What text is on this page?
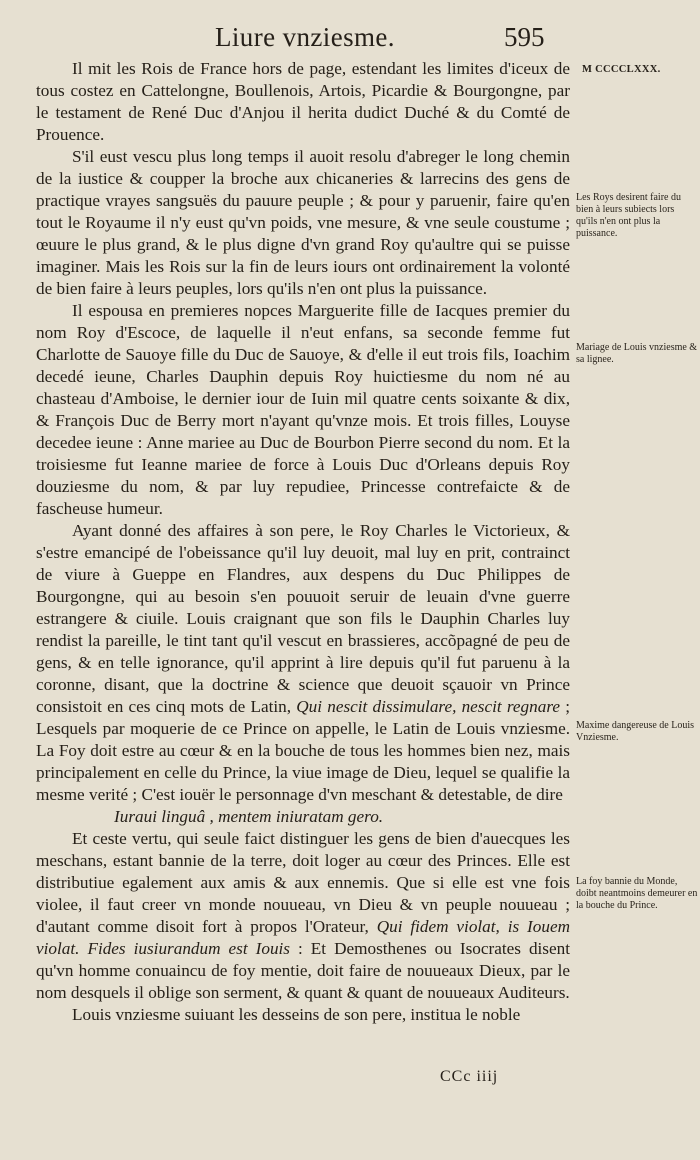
Liure vnziesme.	595
M CCCCLXXX.

Il mit les Rois de France hors de page, estendant les limites d'iceux de tous costez en Cattelongne, Boullenois, Artois, Picardie & Bourgongne, par le testament de René Duc d'Anjou il herita dudict Duché & du Comté de Prouence.

S'il eust vescu plus long temps il auoit resolu d'abreger le long chemin de la iustice & coupper la broche aux chicaneries & larrecins des gens de practique vrayes sangsuës du pauure peuple ; & pour y paruenir, faire qu'en tout le Royaume il n'y eust qu'vn poids, vne mesure, & vne seule coustume ; œuure le plus grand, & le plus digne d'vn grand Roy qu'aultre qui se puisse imaginer. Mais les Rois sur la fin de leurs iours ont ordinairement la volonté de bien faire à leurs peuples, lors qu'ils n'en ont plus la puissance.

Il espousa en premieres nopces Marguerite fille de Iacques premier du nom Roy d'Escoce, de laquelle il n'eut enfans, sa seconde femme fut Charlotte de Sauoye fille du Duc de Sauoye, & d'elle il eut trois fils, Ioachim decedé ieune, Charles Dauphin depuis Roy huictiesme du nom né au chasteau d'Amboise, le dernier iour de Iuin mil quatre cents soixante & dix, & François Duc de Berry mort n'ayant qu'vnze mois. Et trois filles, Louyse decedee ieune : Anne mariee au Duc de Bourbon Pierre second du nom. Et la troisiesme fut Ieanne mariee de force à Louis Duc d'Orleans depuis Roy douziesme du nom, & par luy repudiee, Princesse contrefaicte & de fascheuse humeur.

Ayant donné des affaires à son pere, le Roy Charles le Victorieux, & s'estre emancipé de l'obeissance qu'il luy deuoit, mal luy en prit, contrainct de viure à Gueppe en Flandres, aux despens du Duc Philippes de Bourgongne, qui au besoin s'en pouuoit seruir de leuain d'vne guerre estrangere & ciuile. Louis craignant que son fils le Dauphin Charles luy rendist la pareille, le tint tant qu'il vescut en brassieres, accõpagné de peu de gens, & en telle ignorance, qu'il apprint à lire depuis qu'il fut paruenu à la coronne, disant, que la doctrine & science que deuoit sçauoir vn Prince consistoit en ces cinq mots de Latin, Qui nescit dissimulare, nescit regnare ; Lesquels par moquerie de ce Prince on appelle, le Latin de Louis vnziesme. La Foy doit estre au cœur & en la bouche de tous les hommes bien nez, mais principalement en celle du Prince, la viue image de Dieu, lequel se qualifie la mesme verité ; C'est iouër le personnage d'vn meschant & detestable, de dire

Iuraui linguâ , mentem iniuratam gero.

Et ceste vertu, qui seule faict distinguer les gens de bien d'auecques les meschans, estant bannie de la terre, doit loger au cœur des Princes. Elle est distributiue egalement aux amis & aux ennemis. Que si elle est vne fois violee, il faut creer vn monde nouueau, vn Dieu & vn peuple nouueau ; d'autant comme disoit fort à propos l'Orateur, Qui fidem violat, is Iouem violat. Fides iusiurandum est Iouis : Et Demosthenes ou Isocrates disent qu'vn homme conuaincu de foy mentie, doit faire de nouueaux Dieux, par le nom desquels il oblige son serment, & quant & quant de nouueaux Auditeurs.

Louis vnziesme suiuant les desseins de son pere, institua le noble

Les Roys desirent faire du bien à leurs subiects lors qu'ils n'en ont plus la puissance.
Mariage de Louis vnziesme & sa lignee.
Maxime dangereuse de Louis Vnziesme.
La foy bannie du Monde, doibt neantmoins demeurer en la bouche du Prince.
CCc iiij
